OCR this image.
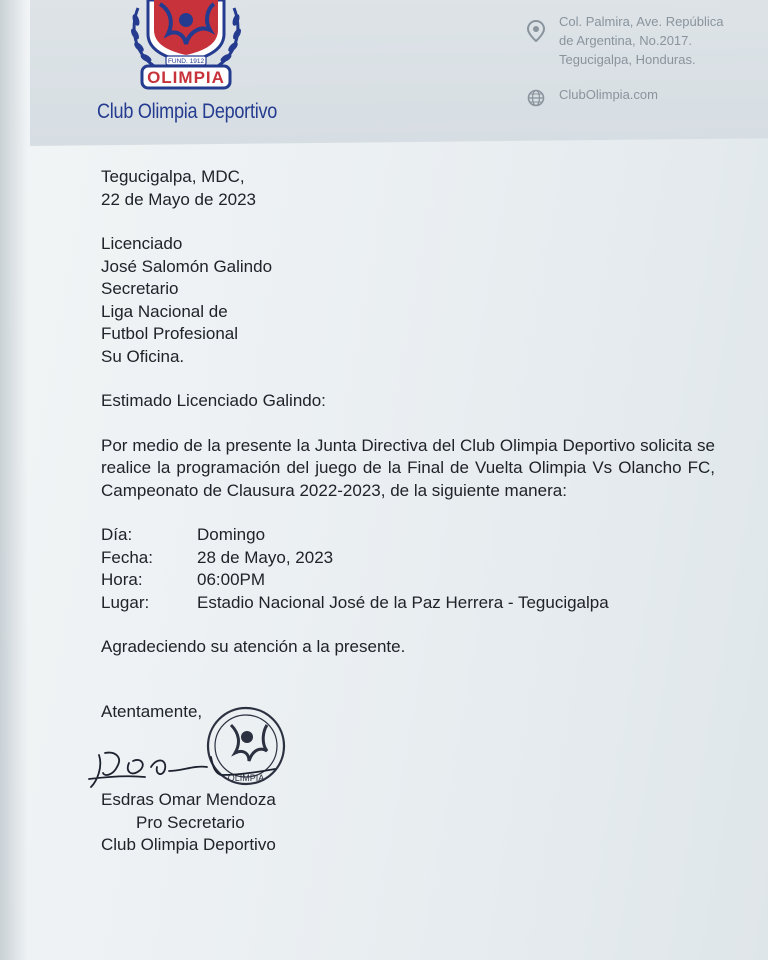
FUND. 1912
OLIMPIA
Club Olimpia Deportivo
Col. Palmira, Ave. República
de Argentina, No.2017.
Tegucigalpa, Honduras.
ClubOlimpia.com

Tegucigalpa, MDC,

22 de Mayo de 2023

Licenciado

José Salomón Galindo

Secretario

Liga Nacional de

Futbol Profesional

Su Oficina.

Estimado Licenciado Galindo:

Por medio de la presente la Junta Directiva del Club Olimpia Deportivo solicita se realice la programación del juego de la Final de Vuelta Olimpia Vs Olancho FC, Campeonato de Clausura 2022-2023, de la siguiente manera:

Día:	Domingo
Fecha:	28 de Mayo, 2023
Hora:	06:00PM
Lugar:	Estadio Nacional José de la Paz Herrera - Tegucigalpa

Agradeciendo su atención a la presente.

Atentamente,

OLIMPIA

Esdras Omar Mendoza

Pro Secretario

Club Olimpia Deportivo
